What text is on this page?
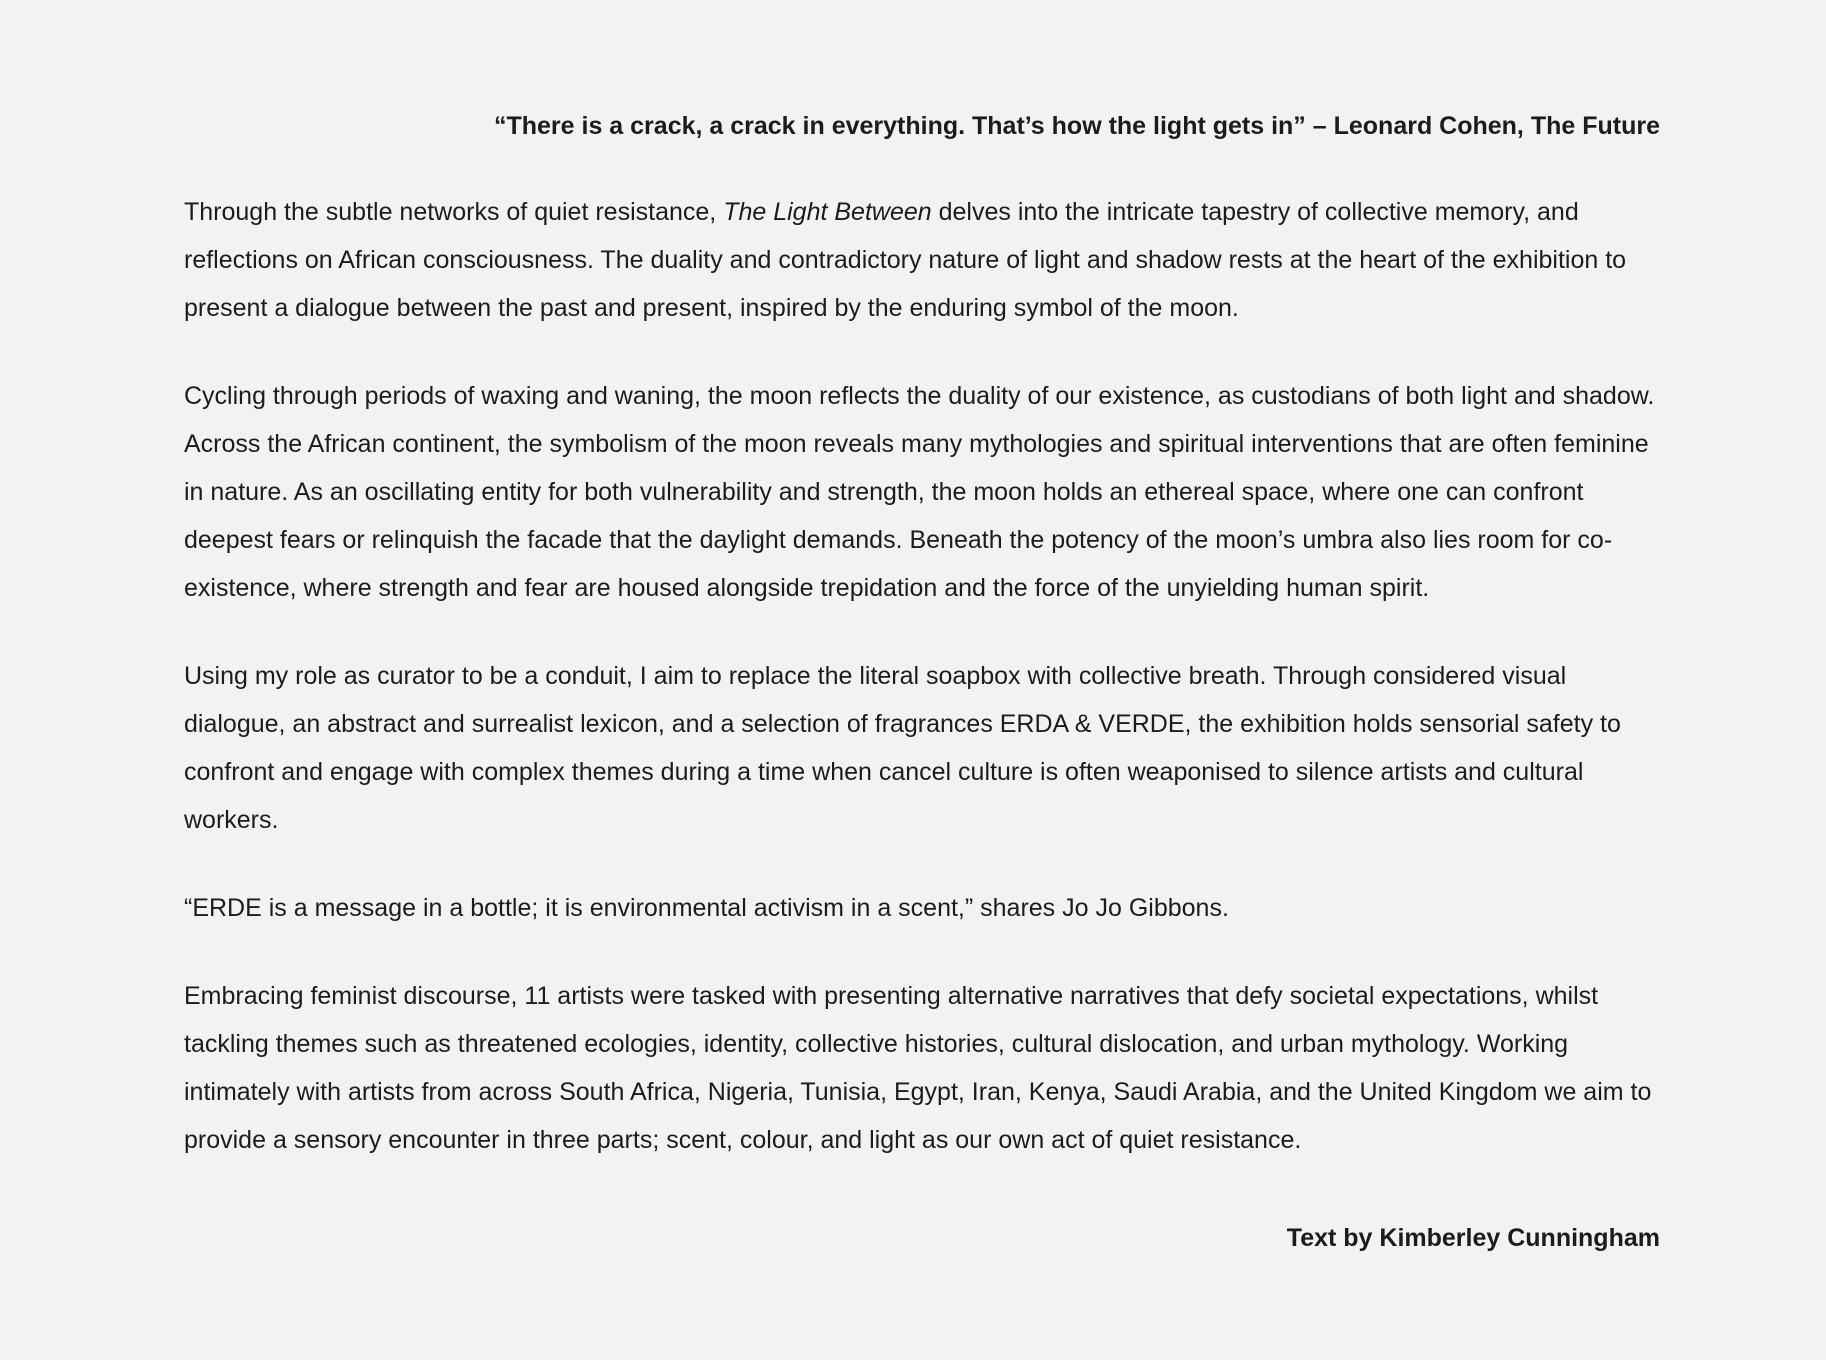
“There is a crack, a crack in everything. That’s how the light gets in” – Leonard Cohen, The Future

Through the subtle networks of quiet resistance, The Light Between delves into the intricate tapestry of collective memory, and reflections on African consciousness. The duality and contradictory nature of light and shadow rests at the heart of the exhibition to present a dialogue between the past and present, inspired by the enduring symbol of the moon.

Cycling through periods of waxing and waning, the moon reflects the duality of our existence, as custodians of both light and shadow. Across the African continent, the symbolism of the moon reveals many mythologies and spiritual interventions that are often feminine in nature. As an oscillating entity for both vulnerability and strength, the moon holds an ethereal space, where one can confront deepest fears or relinquish the facade that the daylight demands. Beneath the potency of the moon’s umbra also lies room for co-existence, where strength and fear are housed alongside trepidation and the force of the unyielding human spirit.

Using my role as curator to be a conduit, I aim to replace the literal soapbox with collective breath. Through considered visual dialogue, an abstract and surrealist lexicon, and a selection of fragrances ERDA & VERDE, the exhibition holds sensorial safety to confront and engage with complex themes during a time when cancel culture is often weaponised to silence artists and cultural workers.

“ERDE is a message in a bottle; it is environmental activism in a scent,” shares Jo Jo Gibbons.

Embracing feminist discourse, 11 artists were tasked with presenting alternative narratives that defy societal expectations, whilst tackling themes such as threatened ecologies, identity, collective histories, cultural dislocation, and urban mythology. Working intimately with artists from across South Africa, Nigeria, Tunisia, Egypt, Iran, Kenya, Saudi Arabia, and the United Kingdom we aim to provide a sensory encounter in three parts; scent, colour, and light as our own act of quiet resistance.

Text by Kimberley Cunningham
